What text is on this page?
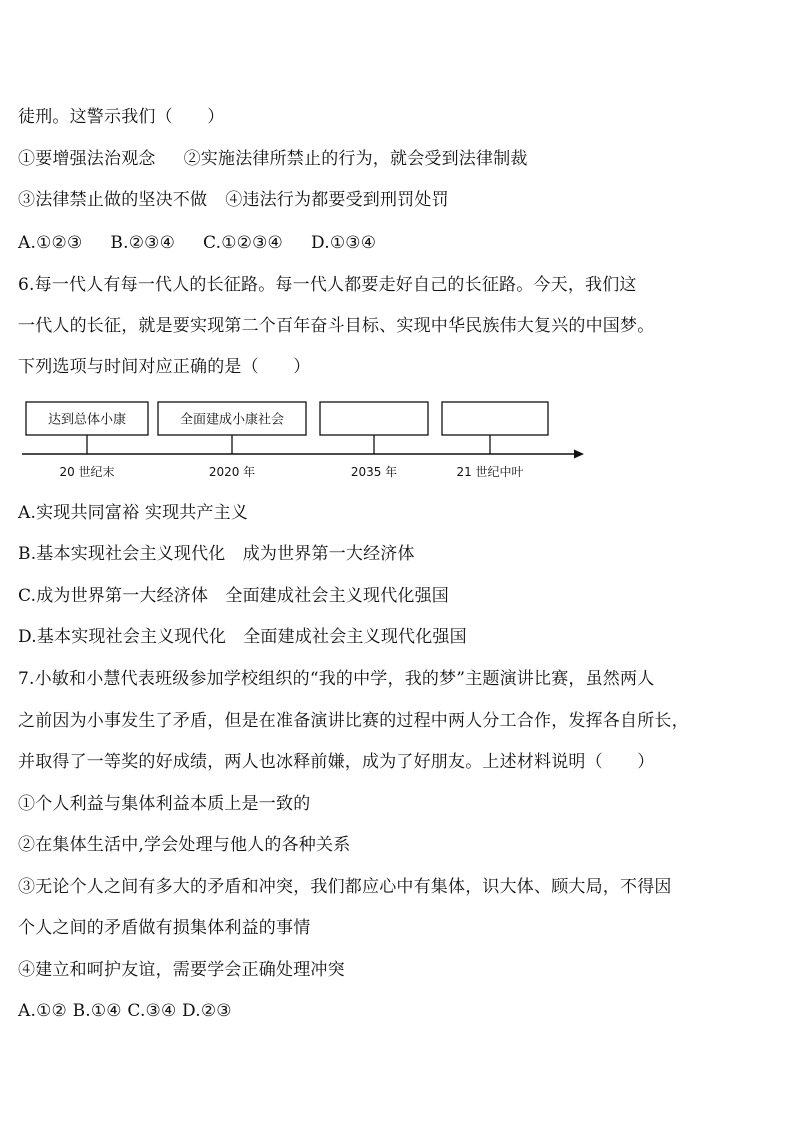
徒刑。这警示我们（　　）
①要增强法治观念 ②实施法律所禁止的行为，就会受到法律制裁
③法律禁止做的坚决不做 ④违法行为都要受到刑罚处罚
A.①②③ B.②③④ C.①②③④ D.①③④
6.每一代人有每一代人的长征路。每一代人都要走好自己的长征路。今天，我们这
一代人的长征，就是要实现第二个百年奋斗目标、实现中华民族伟大复兴的中国梦。
下列选项与时间对应正确的是（　　）
达到总体小康	全面建成小康社会
20 世纪末	2020 年	2035 年	21 世纪中叶
A.实现共同富裕 实现共产主义
B.基本实现社会主义现代化　成为世界第一大经济体
C.成为世界第一大经济体　全面建成社会主义现代化强国
D.基本实现社会主义现代化　全面建成社会主义现代化强国
7.小敏和小慧代表班级参加学校组织的“我的中学，我的梦”主题演讲比赛，虽然两人
之前因为小事发生了矛盾，但是在准备演讲比赛的过程中两人分工合作，发挥各自所长，
并取得了一等奖的好成绩，两人也冰释前嫌，成为了好朋友。上述材料说明（　　）
①个人利益与集体利益本质上是一致的
②在集体生活中,学会处理与他人的各种关系
③无论个人之间有多大的矛盾和冲突，我们都应心中有集体，识大体、顾大局，不得因
个人之间的矛盾做有损集体利益的事情
④建立和呵护友谊，需要学会正确处理冲突
A.①② B.①④ C.③④ D.②③
